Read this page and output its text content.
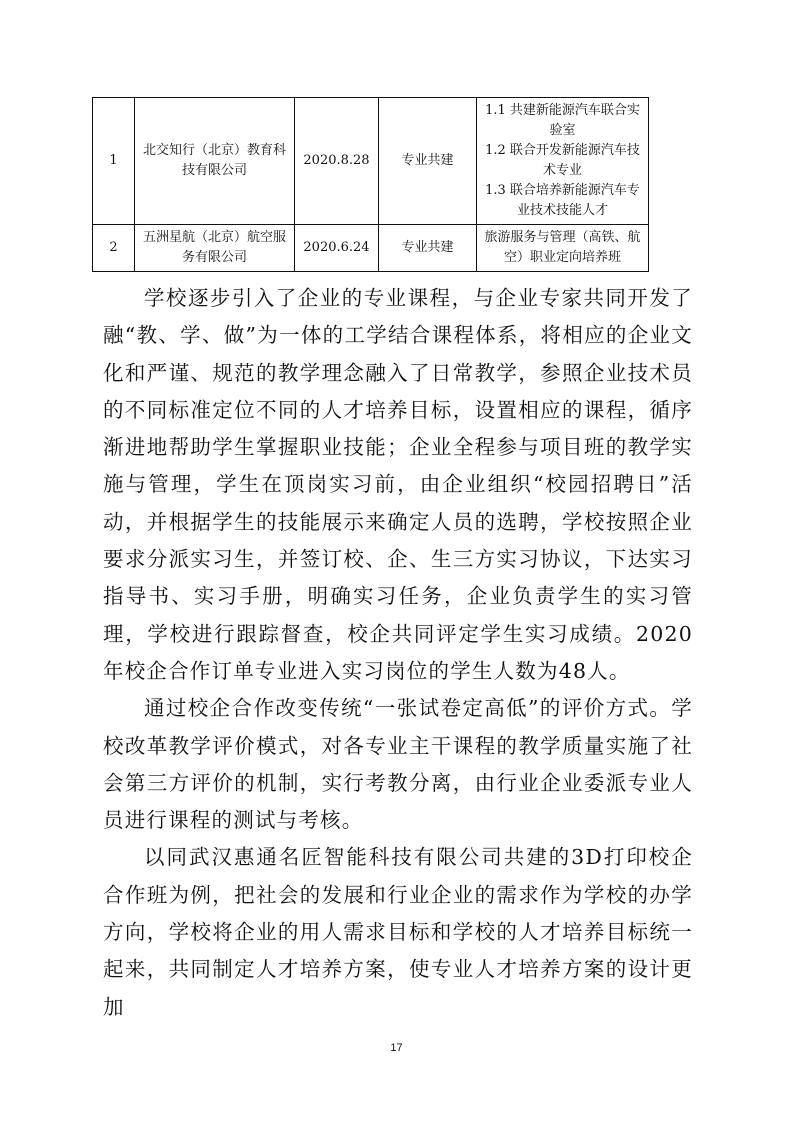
1	北交知行（北京）教育科技有限公司	2020.8.28	专业共建	1.1 共建新能源汽车联合实验室
1.2 联合开发新能源汽车技术专业
1.3 联合培养新能源汽车专业技术技能人才

2	五洲星航（北京）航空服务有限公司	2020.6.24	专业共建	旅游服务与管理（高铁、航空）职业定向培养班

学校逐步引入了企业的专业课程，与企业专家共同开发了融“教、学、做”为一体的工学结合课程体系，将相应的企业文化和严谨、规范的教学理念融入了日常教学，参照企业技术员的不同标准定位不同的人才培养目标，设置相应的课程，循序渐进地帮助学生掌握职业技能；企业全程参与项目班的教学实施与管理，学生在顶岗实习前，由企业组织“校园招聘日”活动，并根据学生的技能展示来确定人员的选聘，学校按照企业要求分派实习生，并签订校、企、生三方实习协议，下达实习指导书、实习手册，明确实习任务，企业负责学生的实习管理，学校进行跟踪督查，校企共同评定学生实习成绩。2020年校企合作订单专业进入实习岗位的学生人数为48人。

通过校企合作改变传统“一张试卷定高低”的评价方式。学校改革教学评价模式，对各专业主干课程的教学质量实施了社会第三方评价的机制，实行考教分离，由行业企业委派专业人员进行课程的测试与考核。

以同武汉惠通名匠智能科技有限公司共建的3D打印校企合作班为例，把社会的发展和行业企业的需求作为学校的办学方向，学校将企业的用人需求目标和学校的人才培养目标统一起来，共同制定人才培养方案，使专业人才培养方案的设计更加

17
